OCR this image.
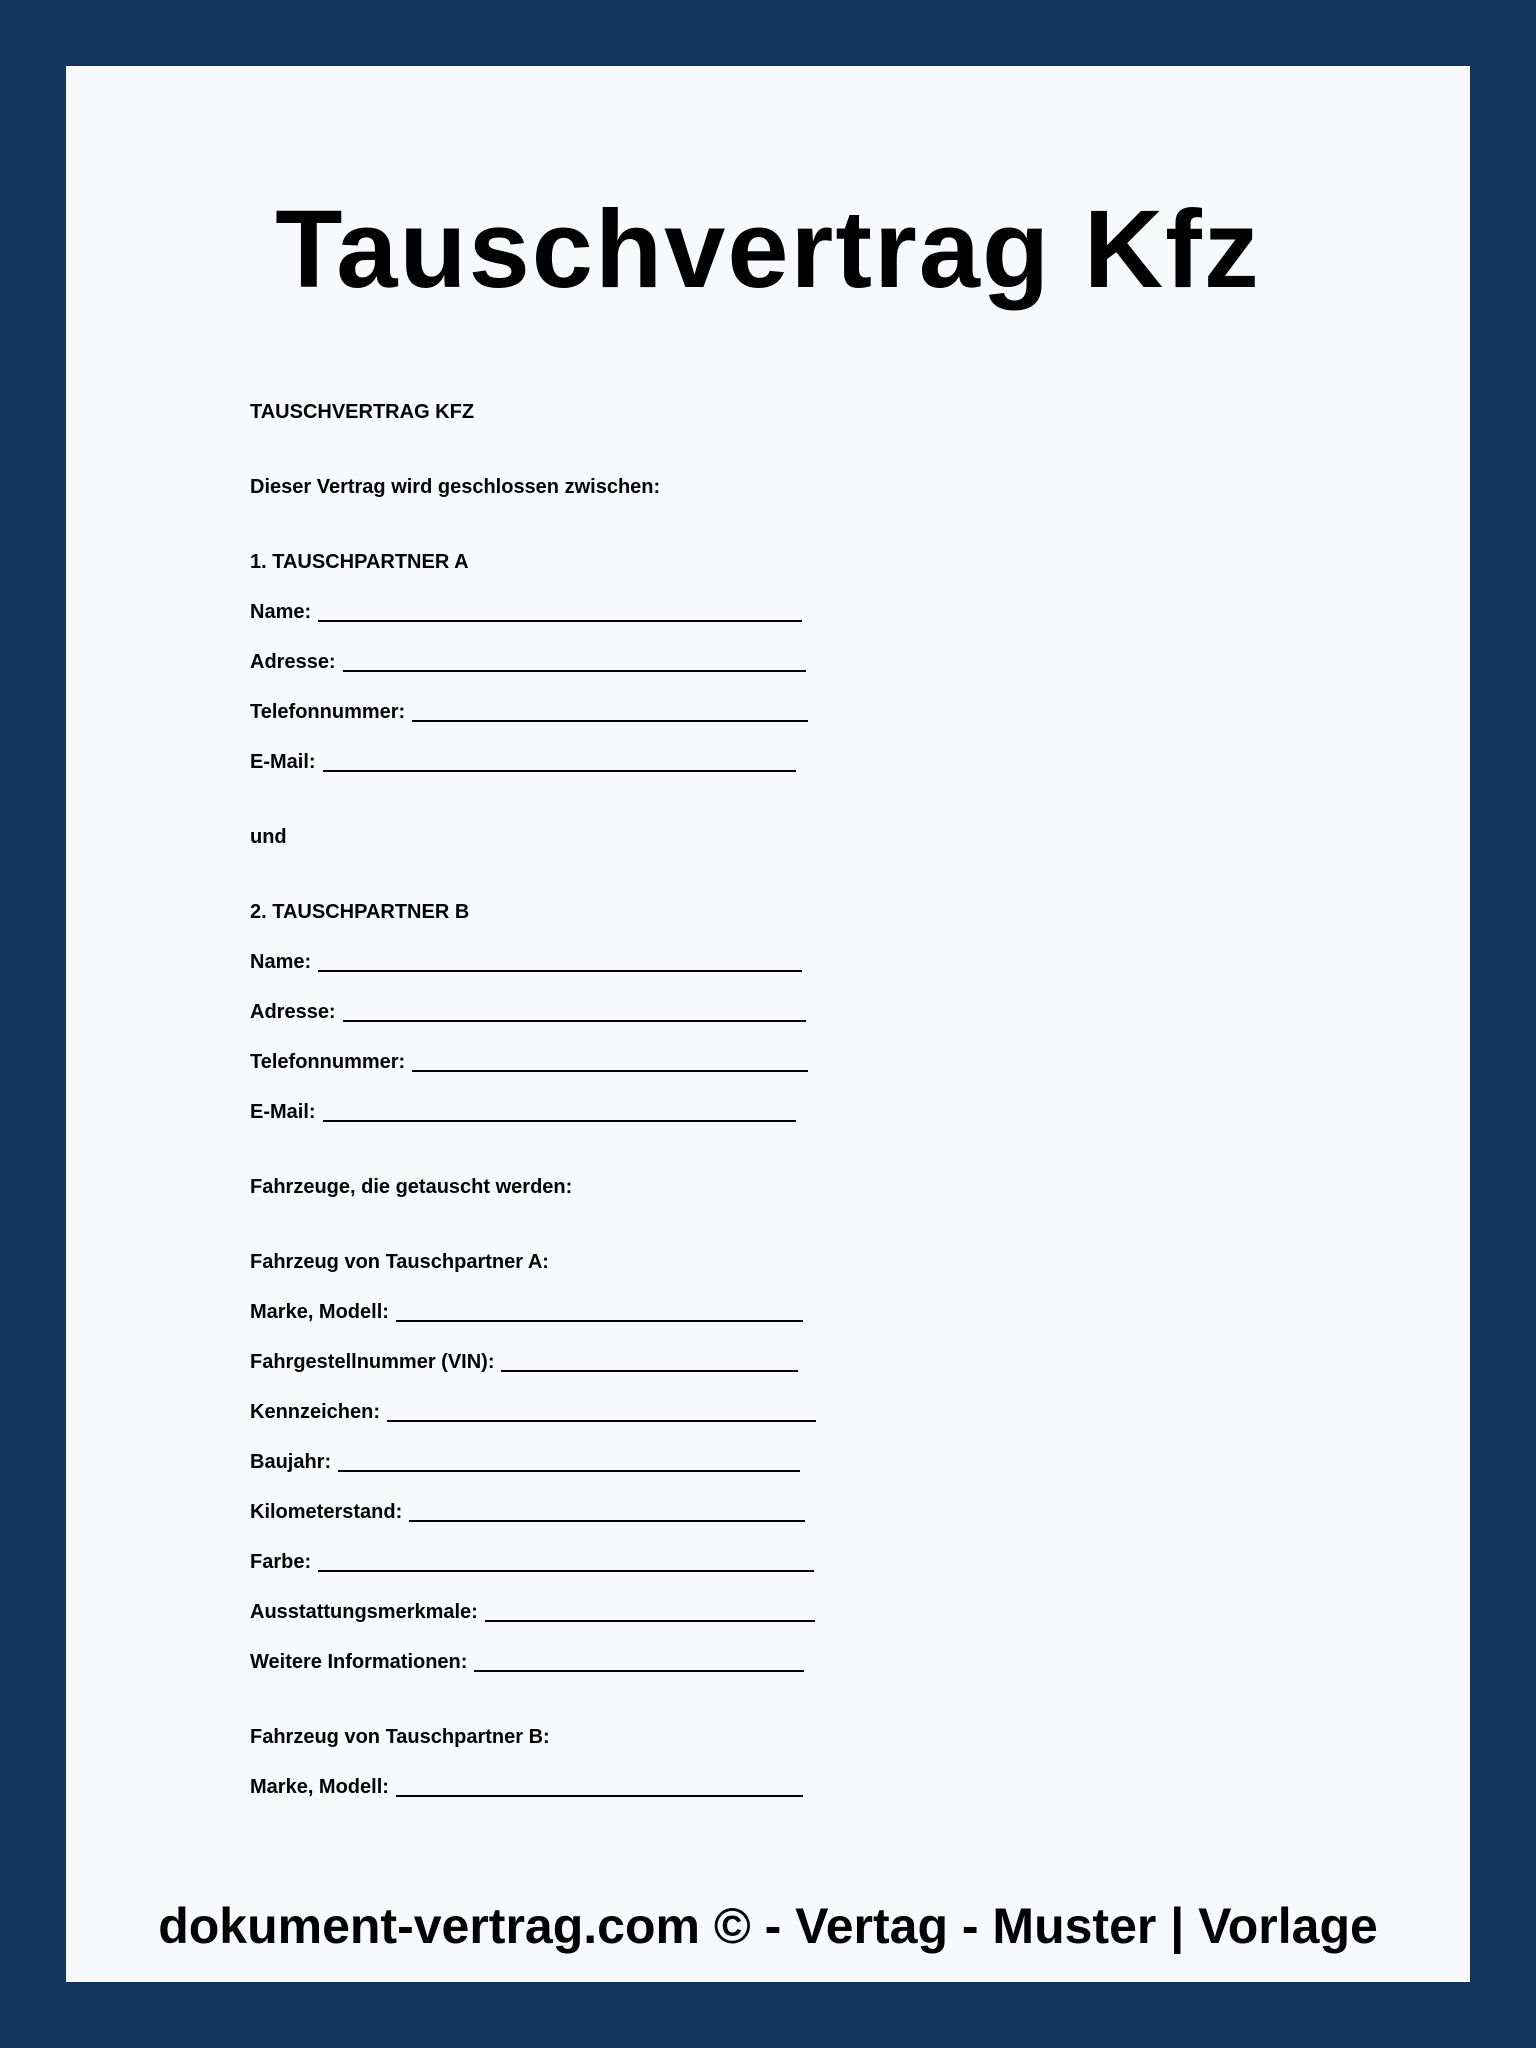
Tauschvertrag Kfz
TAUSCHVERTRAG KFZ
Dieser Vertrag wird geschlossen zwischen:
1. TAUSCHPARTNER A
Name:
Adresse:
Telefonnummer:
E-Mail:
und
2. TAUSCHPARTNER B
Name:
Adresse:
Telefonnummer:
E-Mail:
Fahrzeuge, die getauscht werden:
Fahrzeug von Tauschpartner A:
Marke, Modell:
Fahrgestellnummer (VIN):
Kennzeichen:
Baujahr:
Kilometerstand:
Farbe:
Ausstattungsmerkmale:
Weitere Informationen:
Fahrzeug von Tauschpartner B:
Marke, Modell:

dokument-vertrag.com © - Vertag - Muster | Vorlage
